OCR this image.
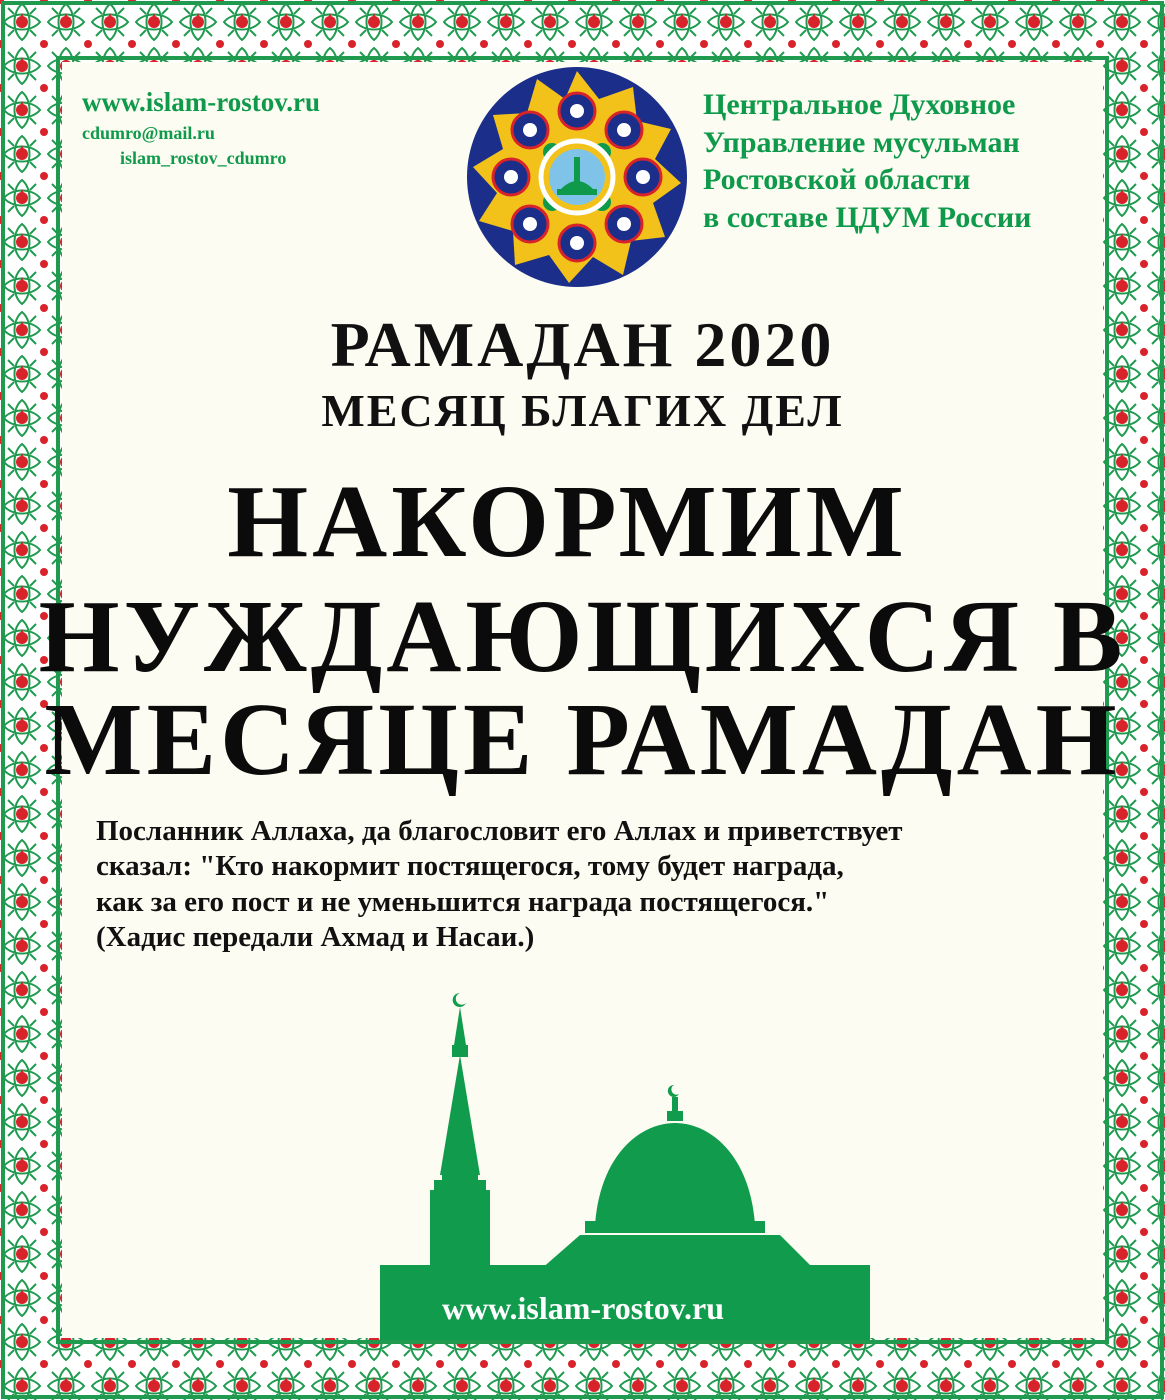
www.islam-rostov.ru
cdumro@mail.ru
islam_rostov_cdumro
Центральное Духовное
Управление мусульман
Ростовской области
в составе ЦДУМ России
РАМАДАН 2020
МЕСЯЦ БЛАГИХ ДЕЛ
НАКОРМИМ
НУЖДАЮЩИХСЯ В
МЕСЯЦЕ РАМАДАН
Посланник Аллаха, да благословит его Аллах и приветствует
сказал: "Кто накормит постящегося, тому будет награда,
как за его пост и не уменьшится награда постящегося."
(Хадис передали Ахмад и Насаи.)
www.islam-rostov.ru
